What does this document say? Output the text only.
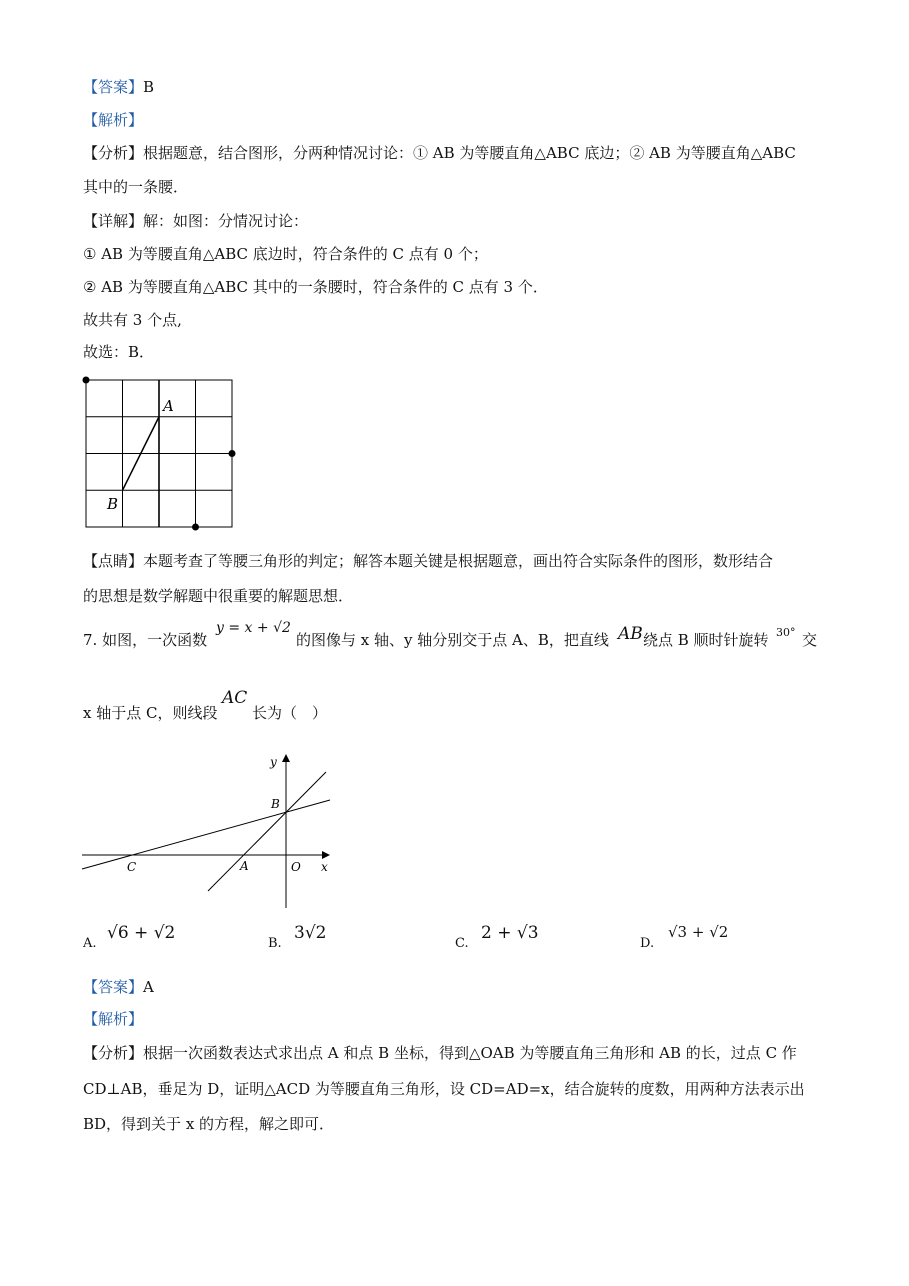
【答案】B
【解析】
【分析】根据题意，结合图形，分两种情况讨论：① AB 为等腰直角△ABC 底边；② AB 为等腰直角△ABC
其中的一条腰．
【详解】解：如图：分情况讨论：
① AB 为等腰直角△ABC 底边时，符合条件的 C 点有 0 个；
② AB 为等腰直角△ABC 其中的一条腰时，符合条件的 C 点有 3 个．
故共有 3 个点,
故选：B．
A
B
【点睛】本题考查了等腰三角形的判定；解答本题关键是根据题意，画出符合实际条件的图形，数形结合
的思想是数学解题中很重要的解题思想．
7. 如图，一次函数
y = x + √2
的图像与 x 轴、y 轴分别交于点 A、B，把直线 AB 绕点 B 顺时针旋转 30° 交
x 轴于点 C，则线段
AC
长为（　）
y
x
B
C	A	O
A.
√6 + √2
B.
3√2
C.
2 + √3
D.
√3 + √2
【答案】A
【解析】
【分析】根据一次函数表达式求出点 A 和点 B 坐标，得到△OAB 为等腰直角三角形和 AB 的长，过点 C 作
CD⊥AB，垂足为 D，证明△ACD 为等腰直角三角形，设 CD=AD=x，结合旋转的度数，用两种方法表示出
BD，得到关于 x 的方程，解之即可．
